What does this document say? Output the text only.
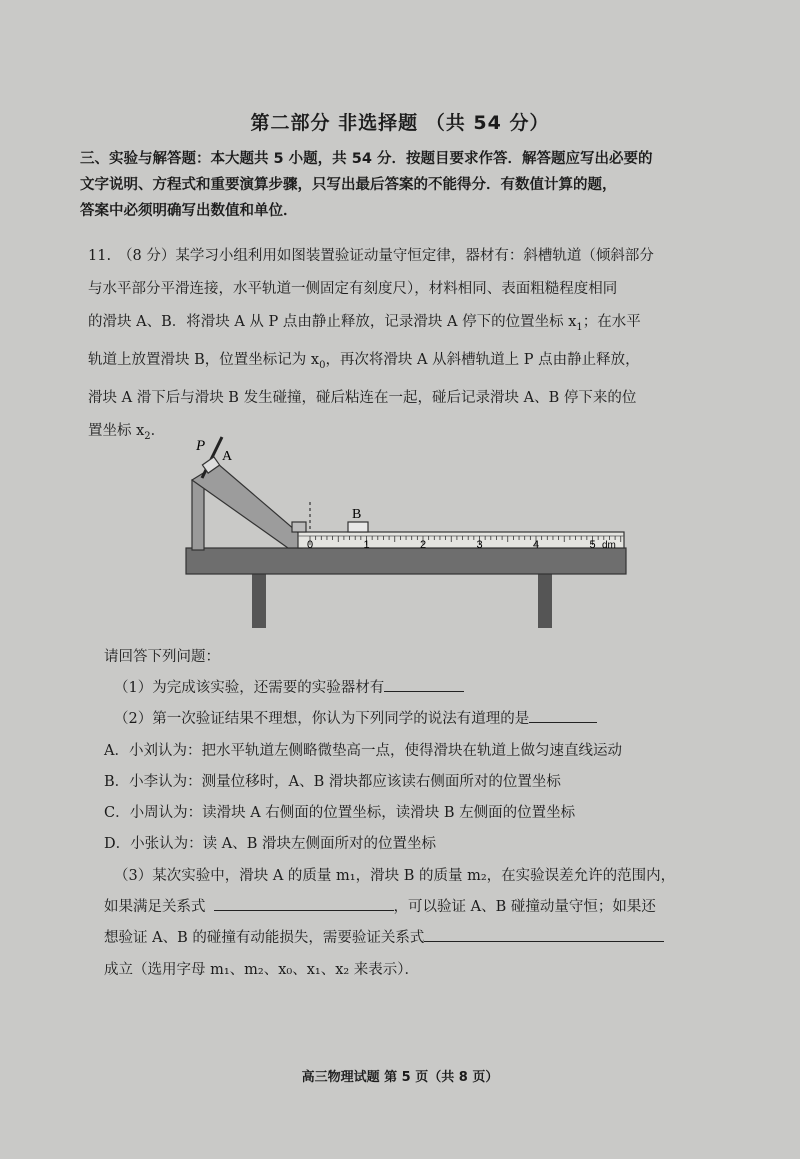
第二部分 非选择题 （共 54 分）
三、实验与解答题：本大题共 5 小题，共 54 分．按题目要求作答．解答题应写出必要的
文字说明、方程式和重要演算步骤，只写出最后答案的不能得分．有数值计算的题，
答案中必须明确写出数值和单位．
11. （8 分）某学习小组利用如图装置验证动量守恒定律，器材有：斜槽轨道（倾斜部分
与水平部分平滑连接，水平轨道一侧固定有刻度尺），材料相同、表面粗糙程度相同
的滑块 A、B．将滑块 A 从 P 点由静止释放，记录滑块 A 停下的位置坐标 $x_1$；在水平
轨道上放置滑块 B，位置坐标记为 $x_0$，再次将滑块 A 从斜槽轨道上 P 点由静止释放，
滑块 A 滑下后与滑块 B 发生碰撞，碰后粘连在一起，碰后记录滑块 A、B 停下来的位
置坐标 $x_2$．
P
A
B
0	1	2	3	4	5 dm
请回答下列问题：
（1）为完成该实验，还需要的实验器材有
（2）第一次验证结果不理想，你认为下列同学的说法有道理的是
A．小刘认为：把水平轨道左侧略微垫高一点，使得滑块在轨道上做匀速直线运动
B．小李认为：测量位移时，A、B 滑块都应该读右侧面所对的位置坐标
C．小周认为：读滑块 A 右侧面的位置坐标，读滑块 B 左侧面的位置坐标
D．小张认为：读 A、B 滑块左侧面所对的位置坐标
（3）某次实验中，滑块 A 的质量 m₁，滑块 B 的质量 m₂，在实验误差允许的范围内，
如果满足关系式	，可以验证 A、B 碰撞动量守恒；如果还
想验证 A、B 的碰撞有动能损失，需要验证关系式
成立（选用字母 m₁、m₂、x₀、x₁、x₂ 来表示）．
高三物理试题 第 5 页（共 8 页）
